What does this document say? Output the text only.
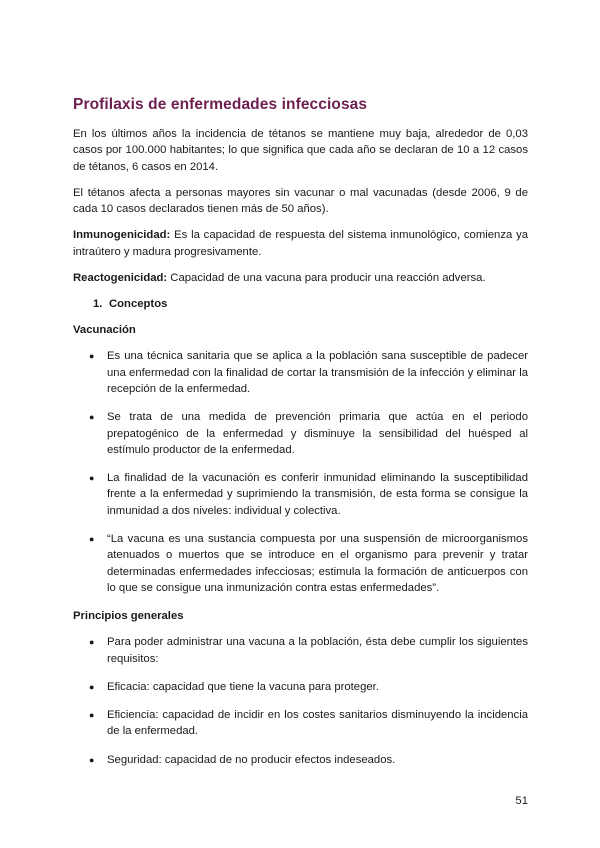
Profilaxis de enfermedades infecciosas

En los últimos años la incidencia de tétanos se mantiene muy baja, alrededor de 0,03 casos por 100.000 habitantes; lo que significa que cada año se declaran de 10 a 12 casos de tétanos, 6 casos en 2014.

El tétanos afecta a personas mayores sin vacunar o mal vacunadas (desde 2006, 9 de cada 10 casos declarados tienen más de 50 años).

Inmunogenicidad: Es la capacidad de respuesta del sistema inmunológico, comienza ya intraútero y madura progresivamente.

Reactogenicidad: Capacidad de una vacuna para producir una reacción adversa.

1. Conceptos
Vacunación
●	Es una técnica sanitaria que se aplica a la población sana susceptible de padecer una enfermedad con la finalidad de cortar la transmisión de la infección y eliminar la recepción de la enfermedad.
●	Se trata de una medida de prevención primaria que actúa en el periodo prepatogénico de la enfermedad y disminuye la sensibilidad del huésped al estímulo productor de la enfermedad.
●	La finalidad de la vacunación es conferir inmunidad eliminando la susceptibilidad frente a la enfermedad y suprimiendo la transmisión, de esta forma se consigue la inmunidad a dos niveles: individual y colectiva.
●	“La vacuna es una sustancia compuesta por una suspensión de microorganismos atenuados o muertos que se introduce en el organismo para prevenir y tratar determinadas enfermedades infecciosas; estimula la formación de anticuerpos con lo que se consigue una inmunización contra estas enfermedades”.
Principios generales
●	Para poder administrar una vacuna a la población, ésta debe cumplir los siguientes requisitos:
●	Eficacia: capacidad que tiene la vacuna para proteger.
●	Eficiencia: capacidad de incidir en los costes sanitarios disminuyendo la incidencia de la enfermedad.
●	Seguridad: capacidad de no producir efectos indeseados.
51
